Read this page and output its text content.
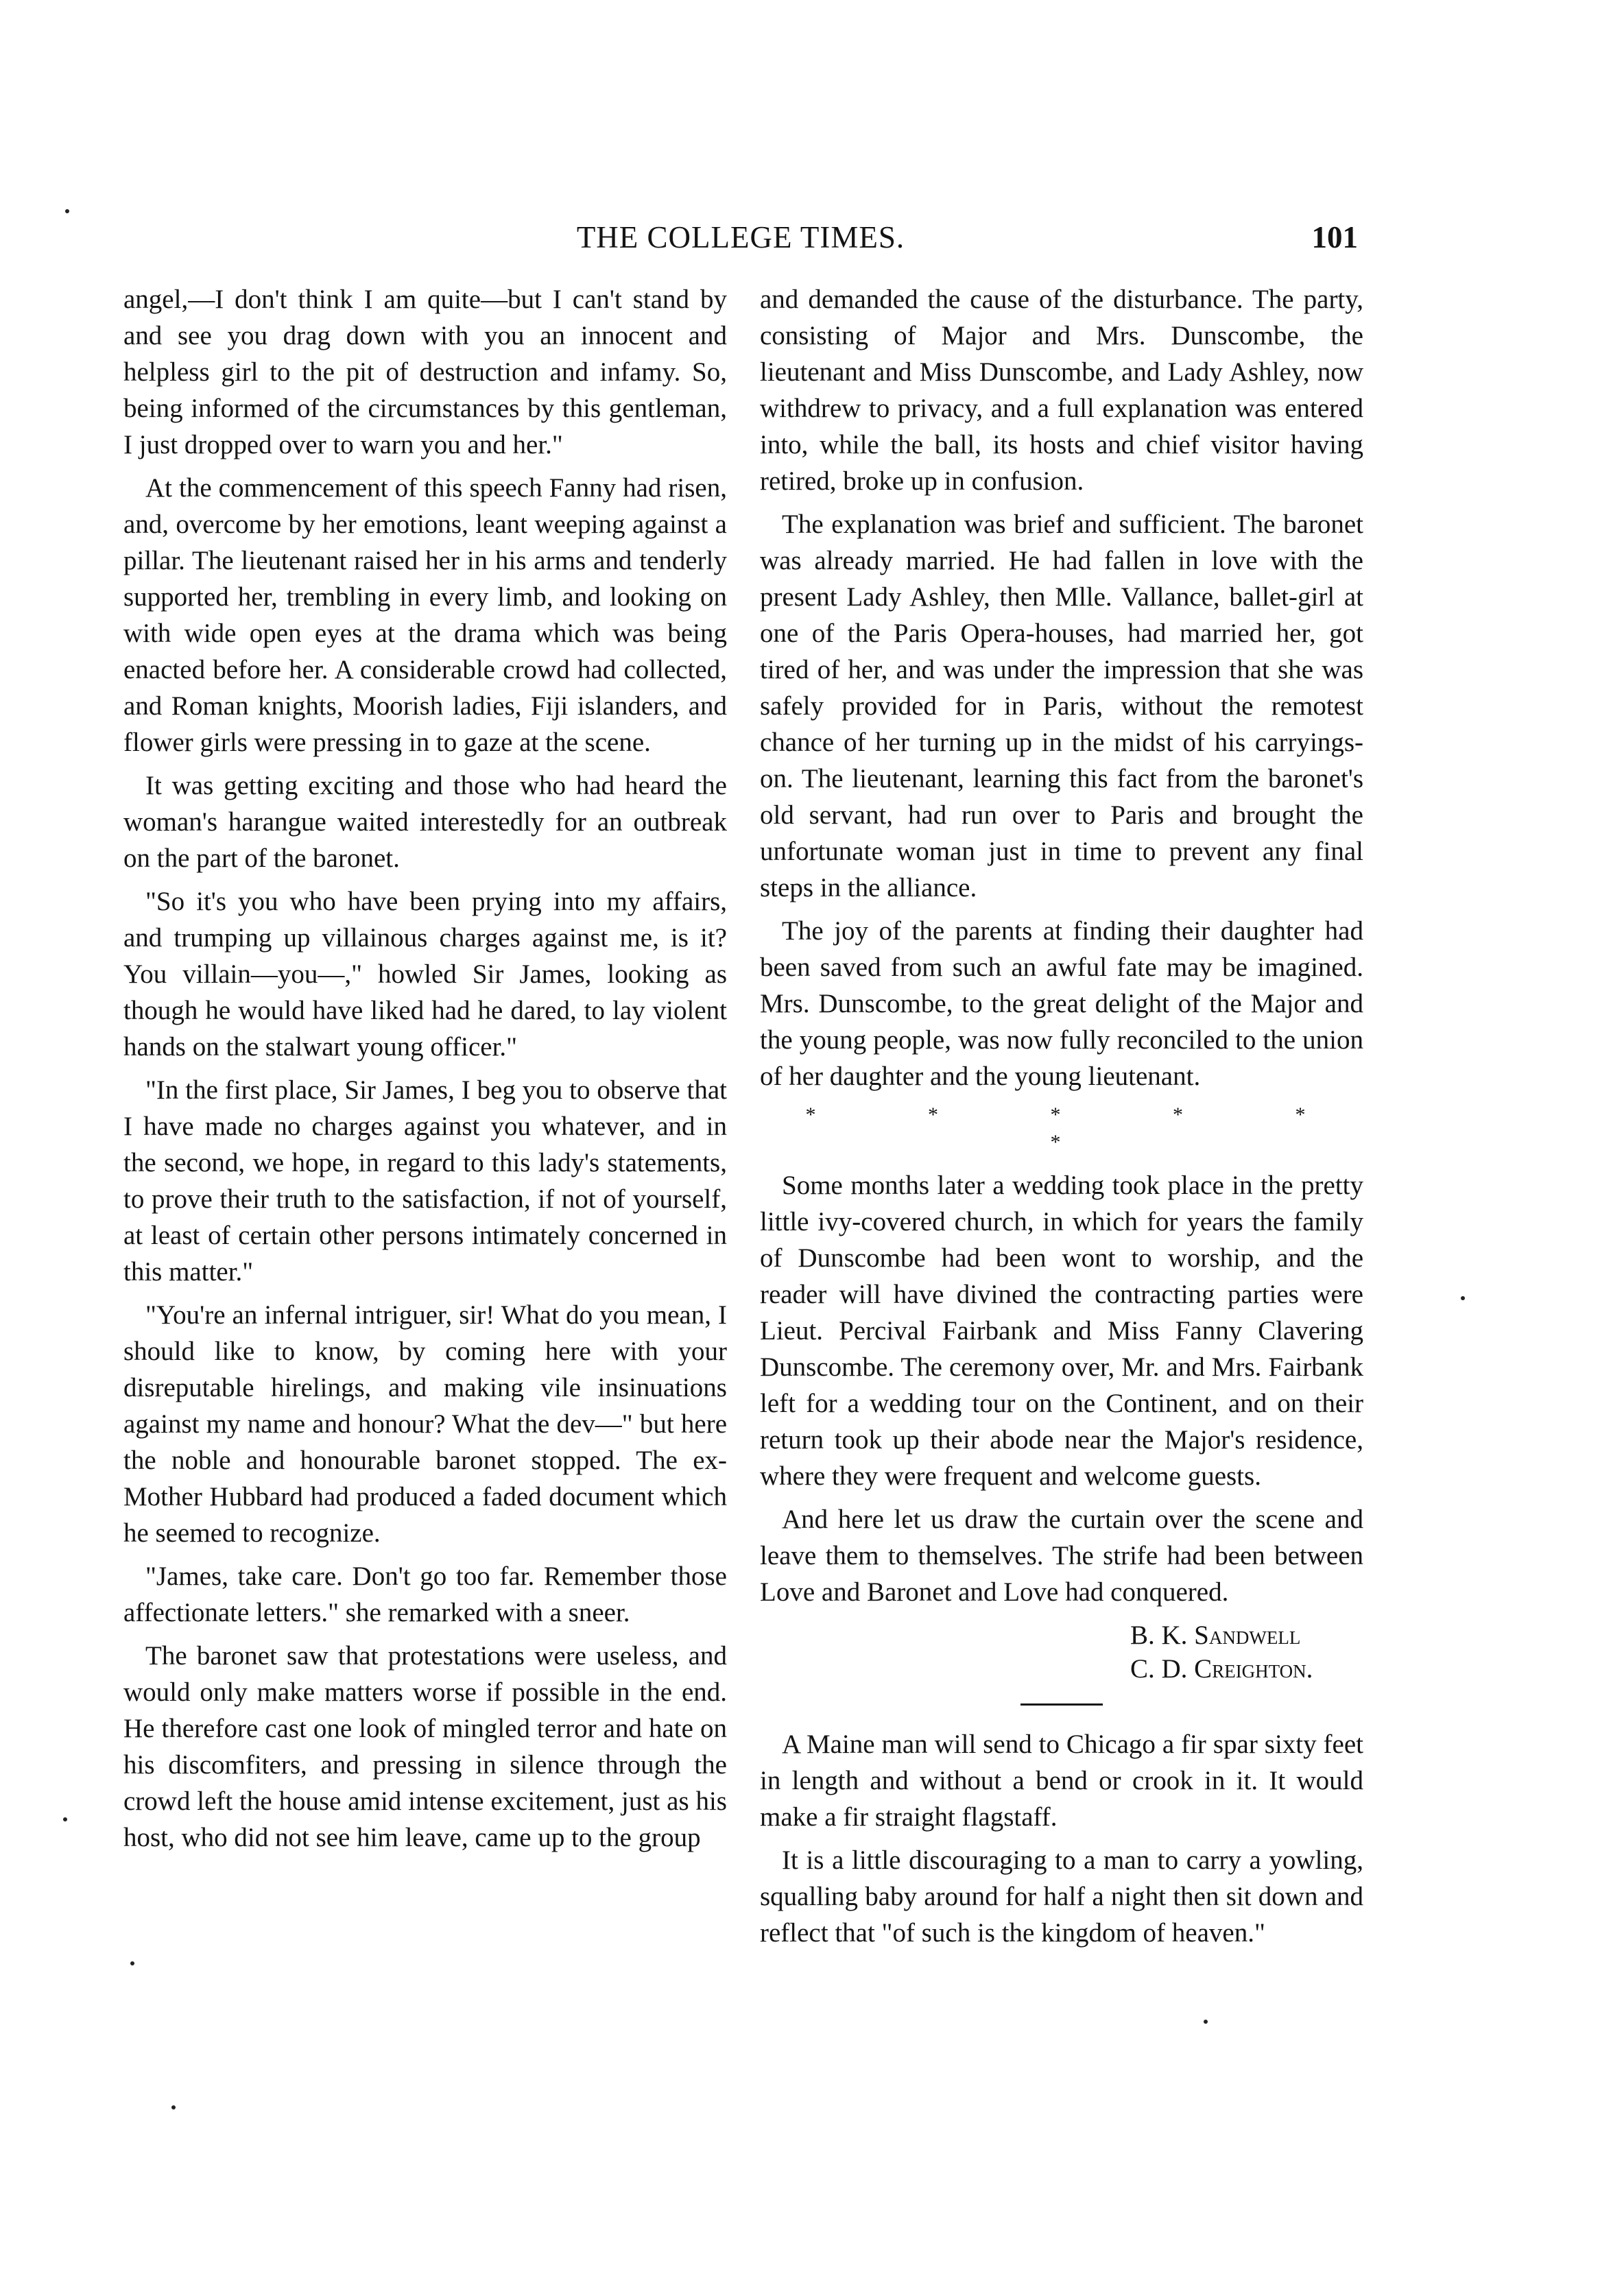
THE COLLEGE TIMES.	101

angel,—I don't think I am quite—but I can't stand by and see you drag down with you an innocent and helpless girl to the pit of destruction and infamy. So, being informed of the circumstances by this gentleman, I just dropped over to warn you and her."

At the commencement of this speech Fanny had risen, and, overcome by her emotions, leant weeping against a pillar. The lieutenant raised her in his arms and tenderly supported her, trembling in every limb, and looking on with wide open eyes at the drama which was being enacted before her. A considerable crowd had collected, and Roman knights, Moorish ladies, Fiji islanders, and flower girls were pressing in to gaze at the scene.

It was getting exciting and those who had heard the woman's harangue waited interestedly for an outbreak on the part of the baronet.

"So it's you who have been prying into my affairs, and trumping up villainous charges against me, is it? You villain—you—," howled Sir James, looking as though he would have liked had he dared, to lay violent hands on the stalwart young officer."

"In the first place, Sir James, I beg you to observe that I have made no charges against you whatever, and in the second, we hope, in regard to this lady's statements, to prove their truth to the satisfaction, if not of yourself, at least of certain other persons intimately concerned in this matter."

"You're an infernal intriguer, sir! What do you mean, I should like to know, by coming here with your disreputable hirelings, and making vile insinuations against my name and honour? What the dev—" but here the noble and honourable baronet stopped. The ex-Mother Hubbard had produced a faded document which he seemed to recognize.

"James, take care. Don't go too far. Remember those affectionate letters." she remarked with a sneer.

The baronet saw that protestations were useless, and would only make matters worse if possible in the end. He therefore cast one look of mingled terror and hate on his discomfiters, and pressing in silence through the crowd left the house amid intense excitement, just as his host, who did not see him leave, came up to the group

and demanded the cause of the disturbance. The party, consisting of Major and Mrs. Dunscombe, the lieutenant and Miss Dunscombe, and Lady Ashley, now withdrew to privacy, and a full explanation was entered into, while the ball, its hosts and chief visitor having retired, broke up in confusion.

The explanation was brief and sufficient. The baronet was already married. He had fallen in love with the present Lady Ashley, then Mlle. Vallance, ballet-girl at one of the Paris Opera-houses, had married her, got tired of her, and was under the impression that she was safely provided for in Paris, without the remotest chance of her turning up in the midst of his carryings-on. The lieutenant, learning this fact from the baronet's old servant, had run over to Paris and brought the unfortunate woman just in time to prevent any final steps in the alliance.

The joy of the parents at finding their daughter had been saved from such an awful fate may be imagined. Mrs. Dunscombe, to the great delight of the Major and the young people, was now fully reconciled to the union of her daughter and the young lieutenant.

* * * * * *

Some months later a wedding took place in the pretty little ivy-covered church, in which for years the family of Dunscombe had been wont to worship, and the reader will have divined the contracting parties were Lieut. Percival Fairbank and Miss Fanny Clavering Dunscombe. The ceremony over, Mr. and Mrs. Fairbank left for a wedding tour on the Continent, and on their return took up their abode near the Major's residence, where they were frequent and welcome guests.

And here let us draw the curtain over the scene and leave them to themselves. The strife had been between Love and Baronet and Love had conquered.

B. K. Sandwell
C. D. Creighton.

A Maine man will send to Chicago a fir spar sixty feet in length and without a bend or crook in it. It would make a fir straight flagstaff.

It is a little discouraging to a man to carry a yowling, squalling baby around for half a night then sit down and reflect that "of such is the kingdom of heaven."
